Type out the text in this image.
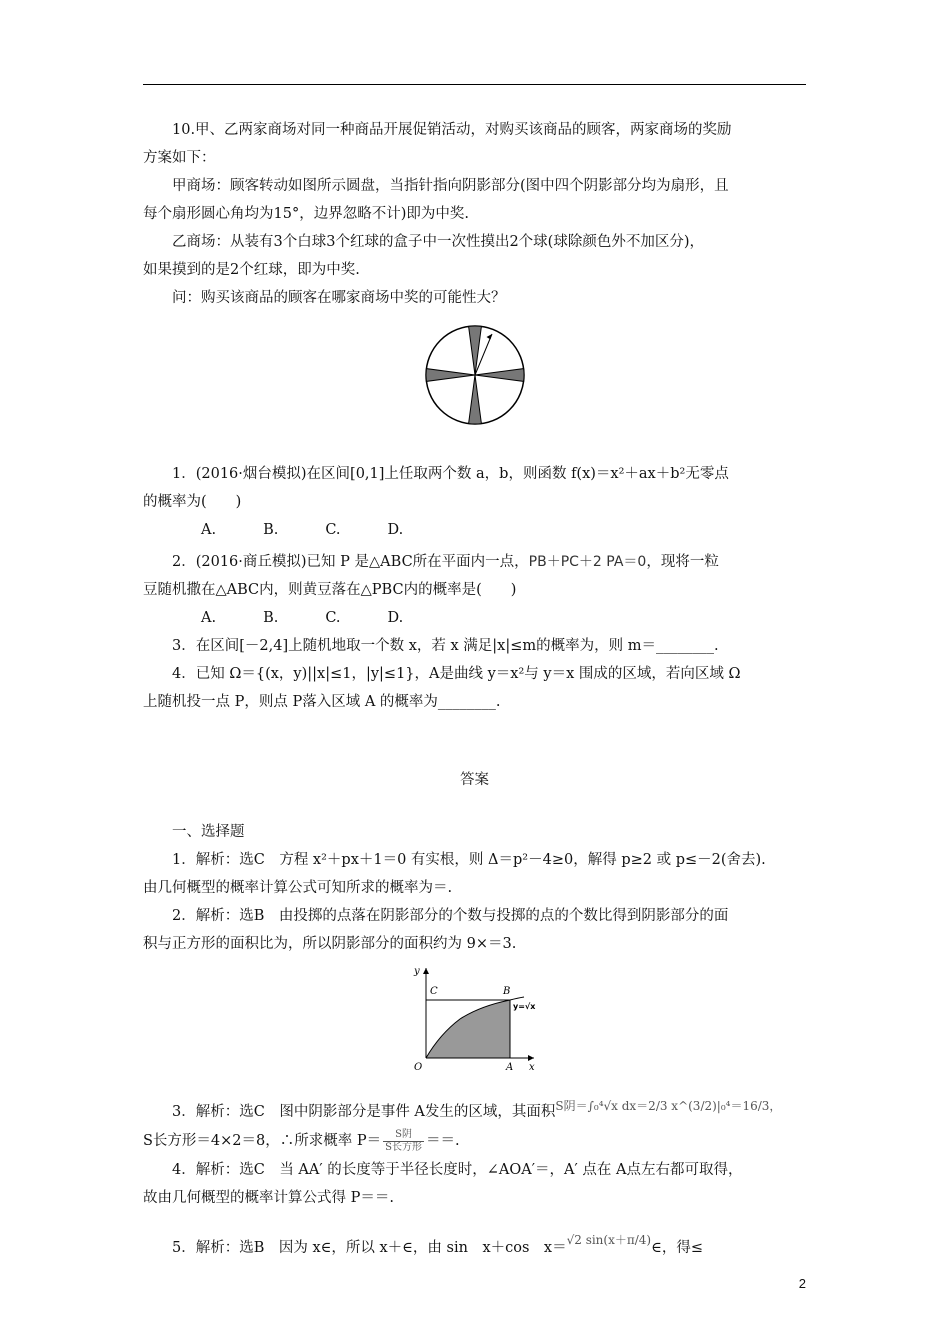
10.甲、乙两家商场对同一种商品开展促销活动，对购买该商品的顾客，两家商场的奖励

方案如下：

甲商场：顾客转动如图所示圆盘，当指针指向阴影部分(图中四个阴影部分均为扇形，且

每个扇形圆心角均为15°，边界忽略不计)即为中奖.

乙商场：从装有3个白球3个红球的盒子中一次性摸出2个球(球除颜色外不加区分)，

如果摸到的是2个红球，即为中奖.

问：购买该商品的顾客在哪家商场中奖的可能性大？

1．(2016·烟台模拟)在区间[0,1]上任取两个数 a，b，则函数 f(x)＝x²＋ax＋b²无零点

的概率为(　　)

A.	B.	C.	D.

2．(2016·商丘模拟)已知 P 是△ABC所在平面内一点，PB＋PC＋2 PA＝0，现将一粒

豆随机撒在△ABC内，则黄豆落在△PBC内的概率是(　　)

A.	B.	C.	D.

3．在区间[－2,4]上随机地取一个数 x，若 x 满足|x|≤m的概率为，则 m＝________.

4．已知 Ω＝{(x，y)||x|≤1，|y|≤1}，A是曲线 y＝x²与 y＝x 围成的区域，若向区域 Ω

上随机投一点 P，则点 P落入区域 A 的概率为________.

答案

一、选择题

1．解析：选C　方程 x²＋px＋1＝0 有实根，则 Δ＝p²－4≥0，解得 p≥2 或 p≤－2(舍去).

由几何概型的概率计算公式可知所求的概率为＝.

2．解析：选B　由投掷的点落在阴影部分的个数与投掷的点的个数比得到阴影部分的面

积与正方形的面积比为，所以阴影部分的面积约为 9×＝3.

y
x
C	B
O	A
y=√x

3．解析：选C　图中阴影部分是事件 A发生的区域，其面积$^{S阴=\int_0^4√x dx=2/3 x\^{}(3/2)|_0^4=16/3,}$

S长方形＝4×2＝8，∴所求概率 P＝	S阴
S长方形 ＝＝.

4．解析：选C　当 AA′ 的长度等于半径长度时，∠AOA′＝，A′ 点在 A点左右都可取得，

故由几何概型的概率计算公式得 P＝＝.

5．解析：选B　因为 x∈，所以 x＋∈，由 sin　x＋cos　x＝$^{√2 sin(x+\pi/4)}$∈，得≤

2
